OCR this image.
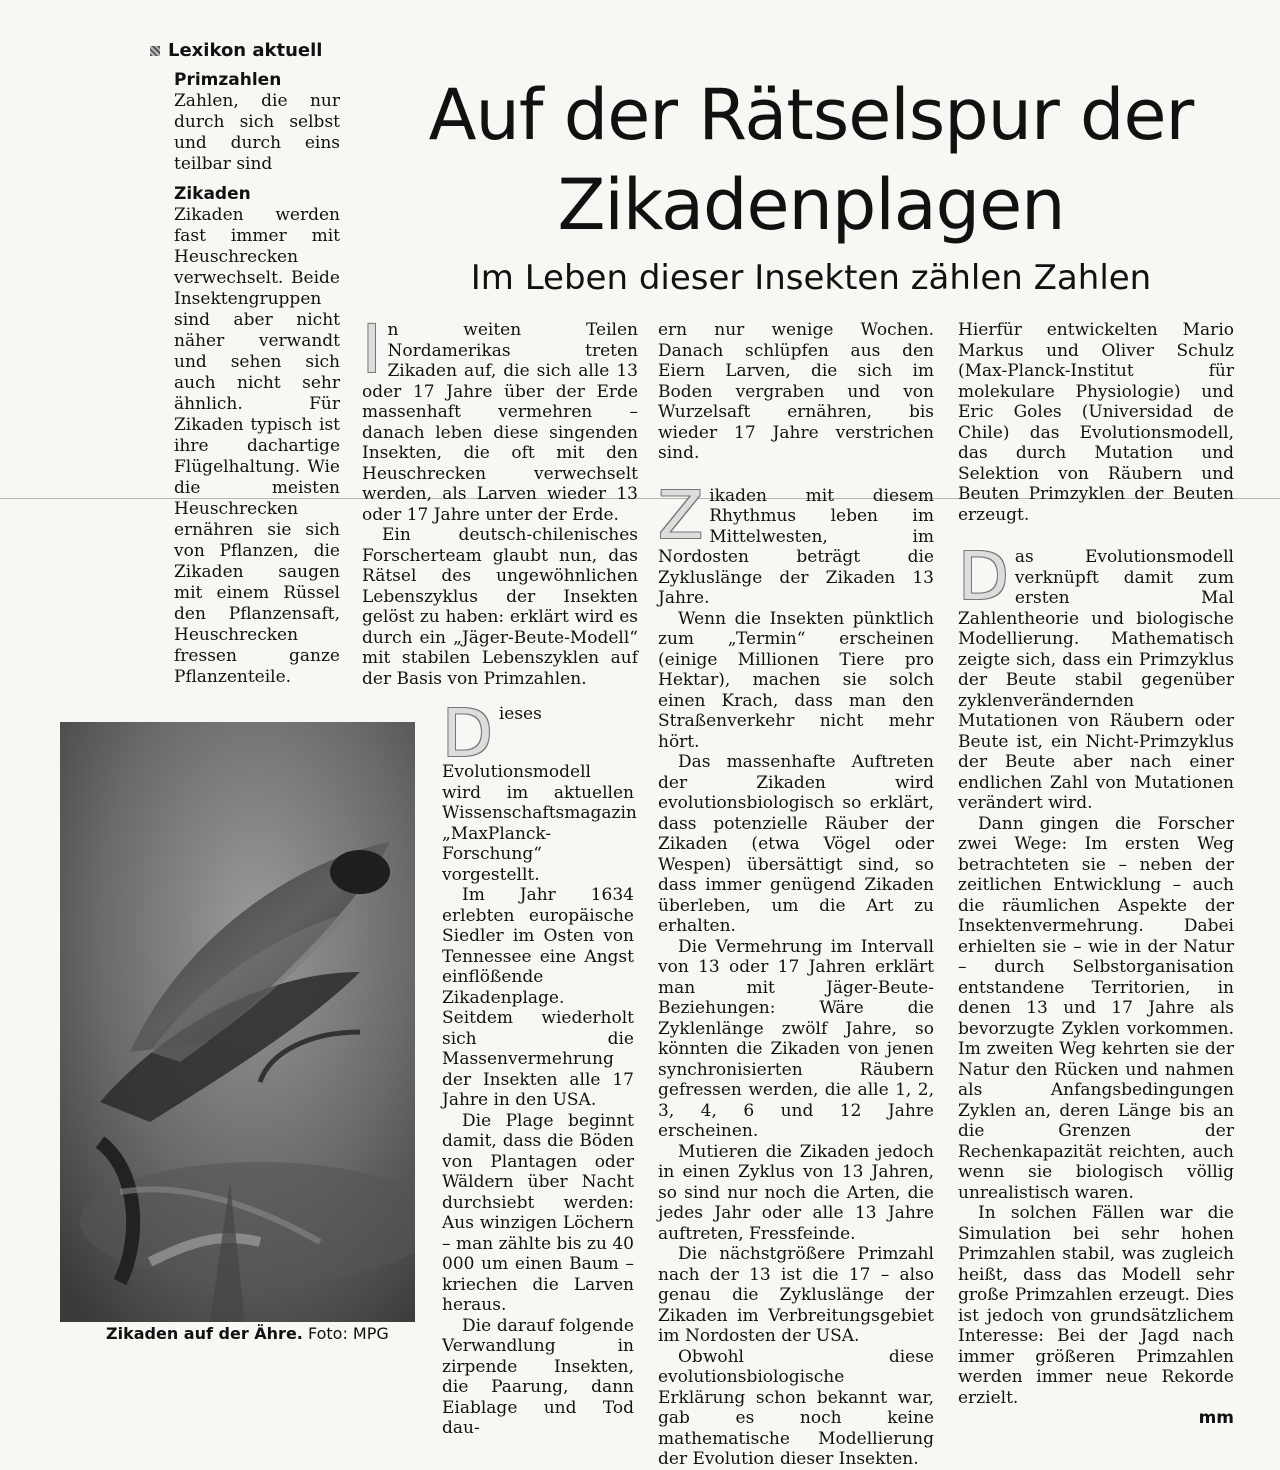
Lexikon aktuell
Primzahlen
Zahlen, die nur durch sich selbst und durch eins teilbar sind
Zikaden
Zikaden werden fast immer mit Heuschrecken verwechselt. Beide Insektengruppen sind aber nicht näher verwandt und sehen sich auch nicht sehr ähnlich. Für Zikaden typisch ist ihre dachartige Flügelhaltung. Wie die meisten Heuschrecken ernähren sie sich von Pflanzen, die Zikaden saugen mit einem Rüssel den Pflanzensaft, Heuschrecken fressen ganze Pflanzenteile.
Auf der Rätselspur der
Zikadenplagen
Im Leben dieser Insekten zählen Zahlen
I n weiten Teilen Nordamerikas treten Zikaden auf, die sich alle 13 oder 17 Jahre über der Erde massenhaft vermehren – danach leben diese singenden Insekten, die oft mit den Heuschrecken verwechselt werden, als Larven wieder 13 oder 17 Jahre unter der Erde.

Ein deutsch-chilenisches Forscherteam glaubt nun, das Rätsel des ungewöhnlichen Lebenszyklus der Insekten gelöst zu haben: erklärt wird es durch ein „Jäger-Beute-Modell“ mit stabilen Lebenszyklen auf der Basis von Primzahlen.

D ieses Evolutionsmodell wird im aktuellen Wissenschaftsmagazin „MaxPlanck-Forschung“ vorgestellt.

Im Jahr 1634 erlebten europäische Siedler im Osten von Tennessee eine Angst einflößende Zikadenplage. Seitdem wiederholt sich die Massenvermehrung der Insekten alle 17 Jahre in den USA.

Die Plage beginnt damit, dass die Böden von Plantagen oder Wäldern über Nacht durchsiebt werden: Aus winzigen Löchern – man zählte bis zu 40 000 um einen Baum – kriechen die Larven heraus.

Die darauf folgende Verwandlung in zirpende Insekten, die Paarung, dann Eiablage und Tod dau-

ern nur wenige Wochen. Danach schlüpfen aus den Eiern Larven, die sich im Boden vergraben und von Wurzelsaft ernähren, bis wieder 17 Jahre verstrichen sind.

Z ikaden mit diesem Rhythmus leben im Mittelwesten, im Nordosten beträgt die Zykluslänge der Zikaden 13 Jahre.

Wenn die Insekten pünktlich zum „Termin“ erscheinen (einige Millionen Tiere pro Hektar), machen sie solch einen Krach, dass man den Straßenverkehr nicht mehr hört.

Das massenhafte Auftreten der Zikaden wird evolutionsbiologisch so erklärt, dass potenzielle Räuber der Zikaden (etwa Vögel oder Wespen) übersättigt sind, so dass immer genügend Zikaden überleben, um die Art zu erhalten.

Die Vermehrung im Intervall von 13 oder 17 Jahren erklärt man mit Jäger-Beute-Beziehungen: Wäre die Zyklenlänge zwölf Jahre, so könnten die Zikaden von jenen synchronisierten Räubern gefressen werden, die alle 1, 2, 3, 4, 6 und 12 Jahre erscheinen.

Mutieren die Zikaden jedoch in einen Zyklus von 13 Jahren, so sind nur noch die Arten, die jedes Jahr oder alle 13 Jahre auftreten, Fressfeinde.

Die nächstgrößere Primzahl nach der 13 ist die 17 – also genau die Zykluslänge der Zikaden im Verbreitungsgebiet im Nordosten der USA.

Obwohl diese evolutionsbiologische Erklärung schon bekannt war, gab es noch keine mathematische Modellierung der Evolution dieser Insekten.

Hierfür entwickelten Mario Markus und Oliver Schulz (Max-Planck-Institut für molekulare Physiologie) und Eric Goles (Universidad de Chile) das Evolutionsmodell, das durch Mutation und Selektion von Räubern und Beuten Primzyklen der Beuten erzeugt.

D as Evolutionsmodell verknüpft damit zum ersten Mal Zahlentheorie und biologische Modellierung. Mathematisch zeigte sich, dass ein Primzyklus der Beute stabil gegenüber zyklenverändernden Mutationen von Räubern oder Beute ist, ein Nicht-Primzyklus der Beute aber nach einer endlichen Zahl von Mutationen verändert wird.

Dann gingen die Forscher zwei Wege: Im ersten Weg betrachteten sie – neben der zeitlichen Entwicklung – auch die räumlichen Aspekte der Insektenvermehrung. Dabei erhielten sie – wie in der Natur – durch Selbstorganisation entstandene Territorien, in denen 13 und 17 Jahre als bevorzugte Zyklen vorkommen. Im zweiten Weg kehrten sie der Natur den Rücken und nahmen als Anfangsbedingungen Zyklen an, deren Länge bis an die Grenzen der Rechenkapazität reichten, auch wenn sie biologisch völlig unrealistisch waren.

In solchen Fällen war die Simulation bei sehr hohen Primzahlen stabil, was zugleich heißt, dass das Modell sehr große Primzahlen erzeugt. Dies ist jedoch von grundsätzlichem Interesse: Bei der Jagd nach immer größeren Primzahlen werden immer neue Rekorde erzielt.

mm
Zikaden auf der Ähre. Foto: MPG
